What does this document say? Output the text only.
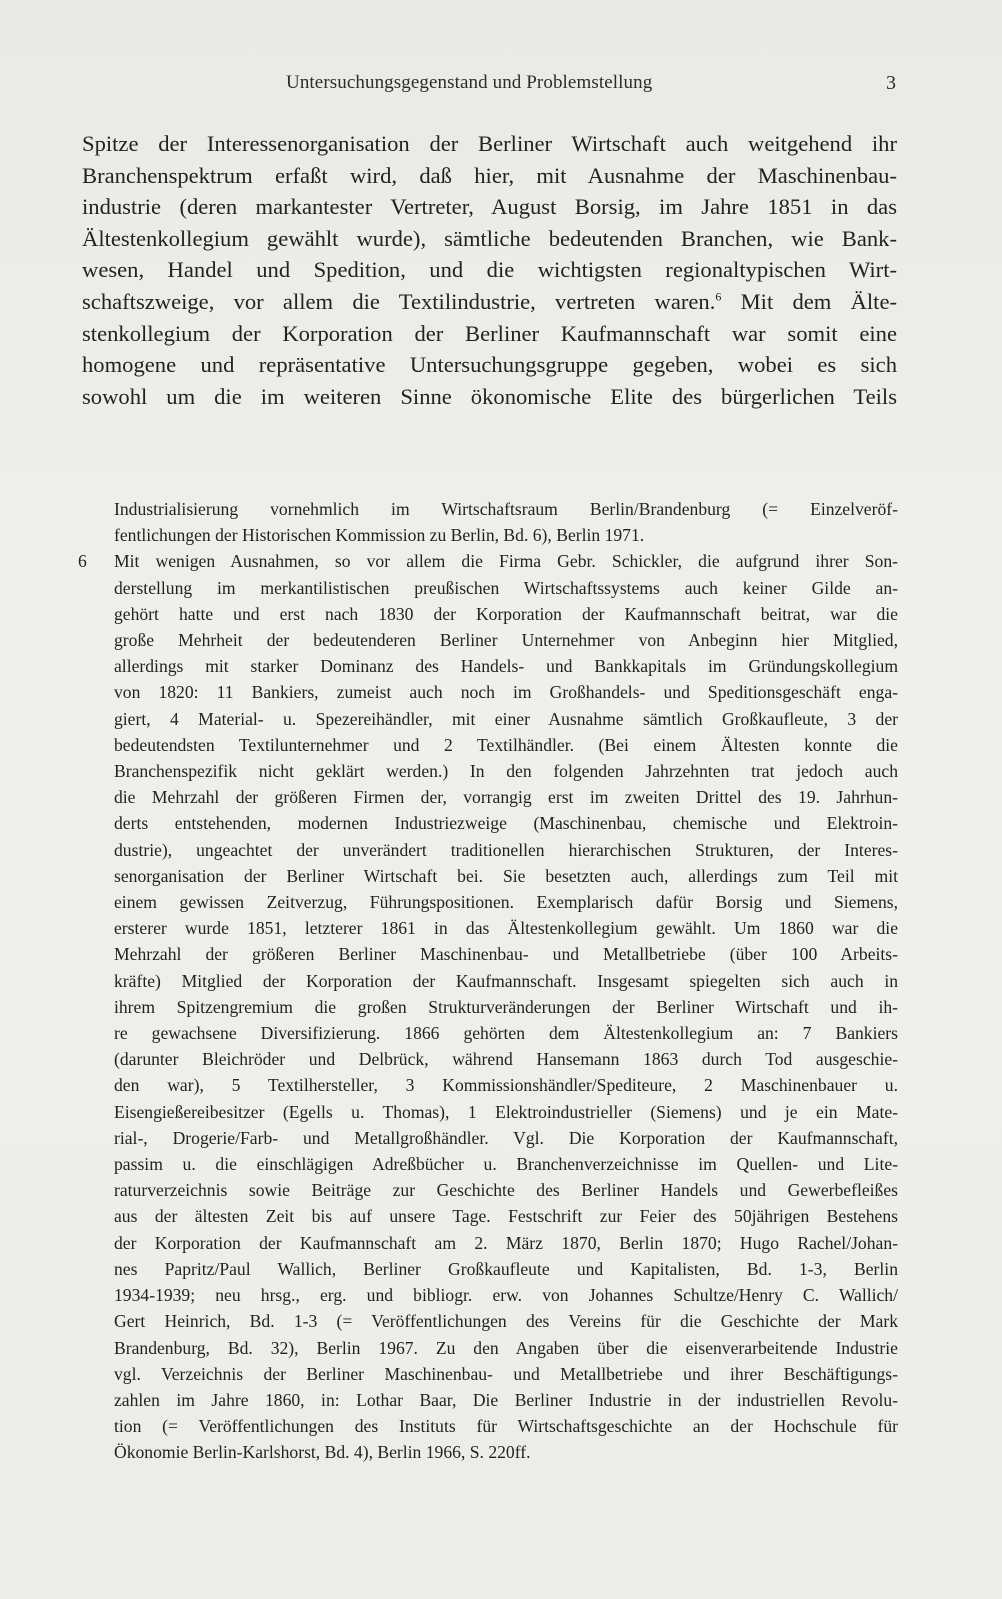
Untersuchungsgegenstand und Problemstellung	3
Spitze der Interessenorganisation der Berliner Wirtschaft auch weitgehend ihr
Branchenspektrum erfaßt wird, daß hier, mit Ausnahme der Maschinenbau-
industrie (deren markantester Vertreter, August Borsig, im Jahre 1851 in das
Ältestenkollegium gewählt wurde), sämtliche bedeutenden Branchen, wie Bank-
wesen, Handel und Spedition, und die wichtigsten regionaltypischen Wirt-
schaftszweige, vor allem die Textilindustrie, vertreten waren.$^6$ Mit dem Älte-
stenkollegium der Korporation der Berliner Kaufmannschaft war somit eine
homogene und repräsentative Untersuchungsgruppe gegeben, wobei es sich
sowohl um die im weiteren Sinne ökonomische Elite des bürgerlichen Teils
Industrialisierung vornehmlich im Wirtschaftsraum Berlin/Brandenburg (= Einzelveröf-
fentlichungen der Historischen Kommission zu Berlin, Bd. 6), Berlin 1971.
6	Mit wenigen Ausnahmen, so vor allem die Firma Gebr. Schickler, die aufgrund ihrer Son-
derstellung im merkantilistischen preußischen Wirtschaftssystems auch keiner Gilde an-
gehört hatte und erst nach 1830 der Korporation der Kaufmannschaft beitrat, war die
große Mehrheit der bedeutenderen Berliner Unternehmer von Anbeginn hier Mitglied,
allerdings mit starker Dominanz des Handels- und Bankkapitals im Gründungskollegium
von 1820: 11 Bankiers, zumeist auch noch im Großhandels- und Speditionsgeschäft enga-
giert, 4 Material- u. Spezereihändler, mit einer Ausnahme sämtlich Großkaufleute, 3 der
bedeutendsten Textilunternehmer und 2 Textilhändler. (Bei einem Ältesten konnte die
Branchenspezifik nicht geklärt werden.) In den folgenden Jahrzehnten trat jedoch auch
die Mehrzahl der größeren Firmen der, vorrangig erst im zweiten Drittel des 19. Jahrhun-
derts entstehenden, modernen Industriezweige (Maschinenbau, chemische und Elektroin-
dustrie), ungeachtet der unverändert traditionellen hierarchischen Strukturen, der Interes-
senorganisation der Berliner Wirtschaft bei. Sie besetzten auch, allerdings zum Teil mit
einem gewissen Zeitverzug, Führungspositionen. Exemplarisch dafür Borsig und Siemens,
ersterer wurde 1851, letzterer 1861 in das Ältestenkollegium gewählt. Um 1860 war die
Mehrzahl der größeren Berliner Maschinenbau- und Metallbetriebe (über 100 Arbeits-
kräfte) Mitglied der Korporation der Kaufmannschaft. Insgesamt spiegelten sich auch in
ihrem Spitzengremium die großen Strukturveränderungen der Berliner Wirtschaft und ih-
re gewachsene Diversifizierung. 1866 gehörten dem Ältestenkollegium an: 7 Bankiers
(darunter Bleichröder und Delbrück, während Hansemann 1863 durch Tod ausgeschie-
den war), 5 Textilhersteller, 3 Kommissionshändler/Spediteure, 2 Maschinenbauer u.
Eisengießereibesitzer (Egells u. Thomas), 1 Elektroindustrieller (Siemens) und je ein Mate-
rial-, Drogerie/Farb- und Metallgroßhändler. Vgl. Die Korporation der Kaufmannschaft,
passim u. die einschlägigen Adreßbücher u. Branchenverzeichnisse im Quellen- und Lite-
raturverzeichnis sowie Beiträge zur Geschichte des Berliner Handels und Gewerbefleißes
aus der ältesten Zeit bis auf unsere Tage. Festschrift zur Feier des 50jährigen Bestehens
der Korporation der Kaufmannschaft am 2. März 1870, Berlin 1870; Hugo Rachel/Johan-
nes Papritz/Paul Wallich, Berliner Großkaufleute und Kapitalisten, Bd. 1-3, Berlin
1934-1939; neu hrsg., erg. und bibliogr. erw. von Johannes Schultze/Henry C. Wallich/
Gert Heinrich, Bd. 1-3 (= Veröffentlichungen des Vereins für die Geschichte der Mark
Brandenburg, Bd. 32), Berlin 1967. Zu den Angaben über die eisenverarbeitende Industrie
vgl. Verzeichnis der Berliner Maschinenbau- und Metallbetriebe und ihrer Beschäftigungs-
zahlen im Jahre 1860, in: Lothar Baar, Die Berliner Industrie in der industriellen Revolu-
tion (= Veröffentlichungen des Instituts für Wirtschaftsgeschichte an der Hochschule für
Ökonomie Berlin-Karlshorst, Bd. 4), Berlin 1966, S. 220ff.
